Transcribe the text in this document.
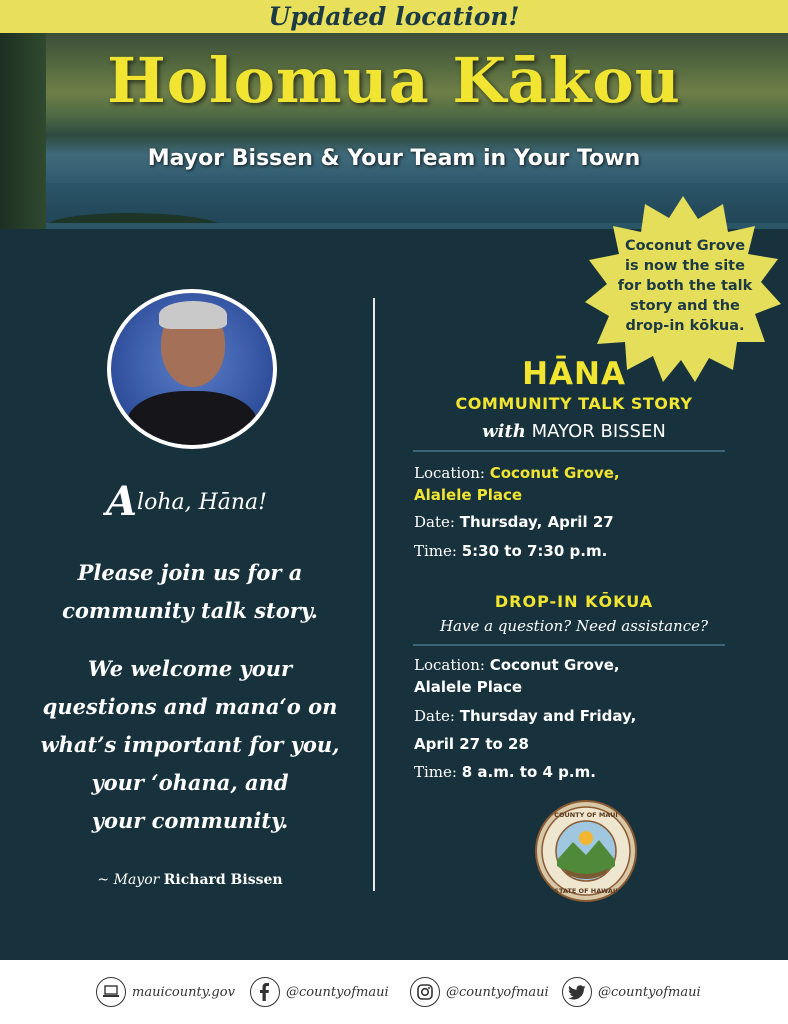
Updated location!
Holomua Kākou
Mayor Bissen & Your Team in Your Town
Coconut Grove
is now the site
for both the talk
story and the
drop-in kōkua.
Aloha, Hāna!
Please join us for a
community talk story.
We welcome your
questions and mana‘o on
what’s important for you,
your ‘ohana, and
your community.
~ Mayor Richard Bissen
HĀNA
COMMUNITY TALK STORY
with MAYOR BISSEN
Location: Coconut Grove,
Alalele Place
Date: Thursday, April 27
Time: 5:30 to 7:30 p.m.
DROP-IN KŌKUA
Have a question? Need assistance?
Location: Coconut Grove,
Alalele Place
Date: Thursday and Friday,
April 27 to 28
Time: 8 a.m. to 4 p.m.
COUNTY OF MAUI
STATE OF HAWAII
mauicounty.gov	@countyofmaui	@countyofmaui	@countyofmaui
